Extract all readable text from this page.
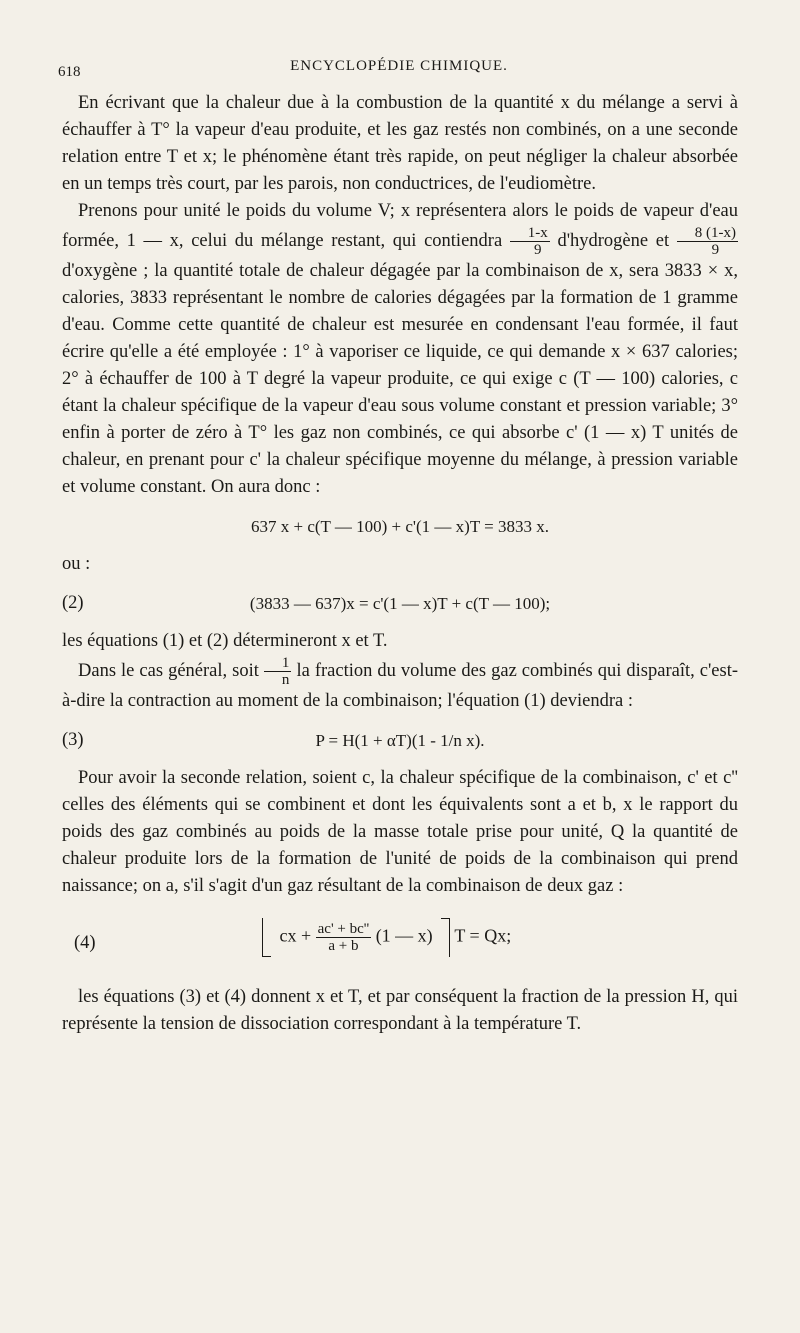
618	ENCYCLOPÉDIE CHIMIQUE.

En écrivant que la chaleur due à la combustion de la quantité x du mélange a servi à échauffer à T° la vapeur d'eau produite, et les gaz restés non combinés, on a une seconde relation entre T et x; le phénomène étant très rapide, on peut négliger la chaleur absorbée en un temps très court, par les parois, non conductrices, de l'eudiomètre.

Prenons pour unité le poids du volume V; x représentera alors le poids de vapeur d'eau formée, 1 — x, celui du mélange restant, qui contiendra $\frac{1-x}{9}$ d'hydrogène et $\frac{8 (1-x)}{9}$
d'oxygène ; la quantité totale de chaleur dégagée par la combinaison de x, sera 3833 × x, calories, 3833 représentant le nombre de calories dégagées par la formation de 1 gramme d'eau. Comme cette quantité de chaleur est mesurée en condensant l'eau formée, il faut écrire qu'elle a été employée : 1° à vaporiser ce liquide, ce qui demande x × 637 calories; 2° à échauffer de 100 à T degré la vapeur produite, ce qui exige c (T — 100) calories, c étant la chaleur spécifique de la vapeur d'eau sous volume constant et pression variable; 3° enfin à porter de zéro à T° les gaz non combinés, ce qui absorbe c' (1 — x) T unités de chaleur, en prenant pour c' la chaleur spécifique moyenne du mélange, à pression variable et volume constant. On aura donc :

637 x + c(T — 100) + c'(1 — x)T = 3833 x.

ou :

(2)	(3833 — 637)x = c'(1 — x)T + c(T — 100);

les équations (1) et (2) détermineront x et T.

Dans le cas général, soit $\frac{1}{n}$ la fraction du volume des gaz combinés qui disparaît, c'est-à-dire la contraction au moment de la combinaison; l'équation (1) deviendra :

(3)	P = H(1 + αT)(1 - 1/n x).

Pour avoir la seconde relation, soient c, la chaleur spécifique de la combinaison, c' et c'' celles des éléments qui se combinent et dont les équivalents sont a et b, x le rapport du poids des gaz combinés au poids de la masse totale prise pour unité, Q la quantité de chaleur produite lors de la formation de l'unité de poids de la combinaison qui prend naissance; on a, s'il s'agit d'un gaz résultant de la combinaison de deux gaz :

(4)	cx + $\frac{ac' + bc''}{a + b} (1$ — x) T = Qx;

les équations (3) et (4) donnent x et T, et par conséquent la fraction de la pression H, qui représente la tension de dissociation correspondant à la température T.
